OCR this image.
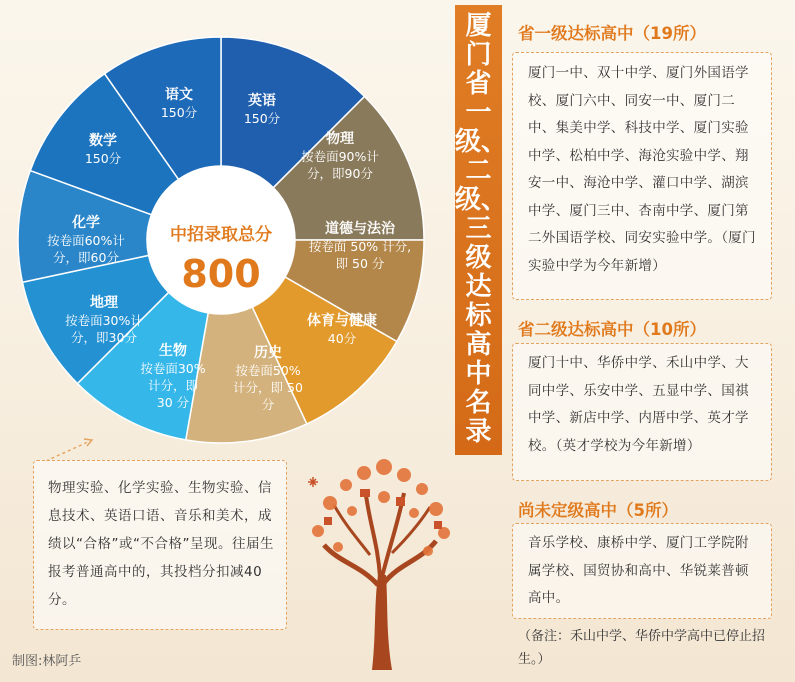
中招录取总分
800
英语
150分
物理
按卷面90%计分，即90分
道德与法治
按卷面 50% 计分,即 50 分
体育与健康
40分
历史
按卷面50% 计分，即 50 分
生物
按卷面30% 计分，即 30 分
地理
按卷面30%计分，即30分
化学
按卷面60%计分，即60分
数学
150分
语文
150分
物理实验、化学实验、生物实验、信息技术、英语口语、音乐和美术，成绩以“合格”或“不合格”呈现。往届生报考普通高中的，其投档分扣减40分。
制图:林阿乒
厦门省一级、二级、三级达标高中名录
省一级达标高中（19所）
厦门一中、双十中学、厦门外国语学校、厦门六中、同安一中、厦门二中、集美中学、科技中学、厦门实验中学、松柏中学、海沧实验中学、翔安一中、海沧中学、灌口中学、湖滨中学、厦门三中、杏南中学、厦门第二外国语学校、同安实验中学。（厦门实验中学为今年新增）
省二级达标高中（10所）
厦门十中、华侨中学、禾山中学、大同中学、乐安中学、五显中学、国祺中学、新店中学、内厝中学、英才学校。（英才学校为今年新增）
尚未定级高中（5所）
音乐学校、康桥中学、厦门工学院附属学校、国贸协和高中、华锐莱普顿高中。
（备注：禾山中学、华侨中学高中已停止招生。）
